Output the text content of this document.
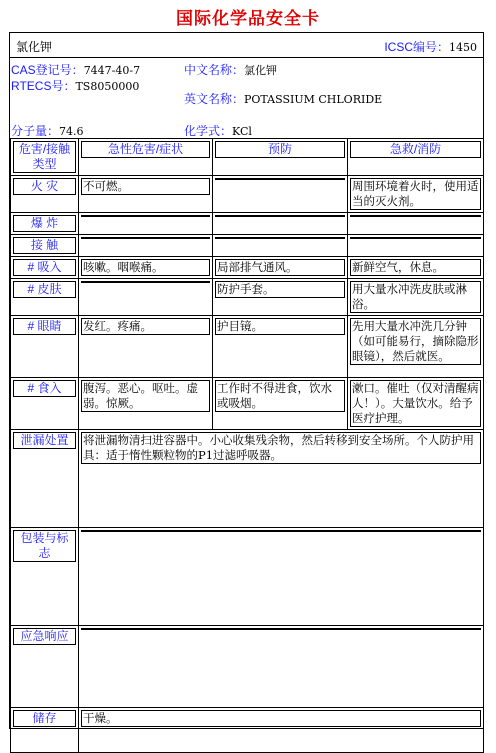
国际化学品安全卡
氯化钾	ICSC编号：1450
CAS登记号：7447-40-7
RTECS号：TS8050000
中文名称：氯化钾
英文名称：POTASSIUM CHLORIDE
分子量：74.6	化学式：KCl
危害/接触类型	急性危害/症状	预防	急救/消防

火 灾	不可燃。		周围环境着火时，使用适当的灭火剂。

爆 炸			

接 触			

# 吸入	咳嗽。咽喉痛。	局部排气通风。	新鲜空气，休息。

# 皮肤		防护手套。	用大量水冲洗皮肤或淋浴。

# 眼睛	发红。疼痛。	护目镜。	先用大量水冲洗几分钟（如可能易行，摘除隐形眼镜），然后就医。

# 食入	腹泻。恶心。呕吐。虚弱。惊厥。	工作时不得进食，饮水或吸烟。	漱口。催吐（仅对清醒病人！）。大量饮水。给予医疗护理。

泄漏处置	将泄漏物清扫进容器中。小心收集残余物，然后转移到安全场所。个人防护用具：适于惰性颗粒物的P1过滤呼吸器。		

包装与标志			

应急响应			

储存	干燥。		
